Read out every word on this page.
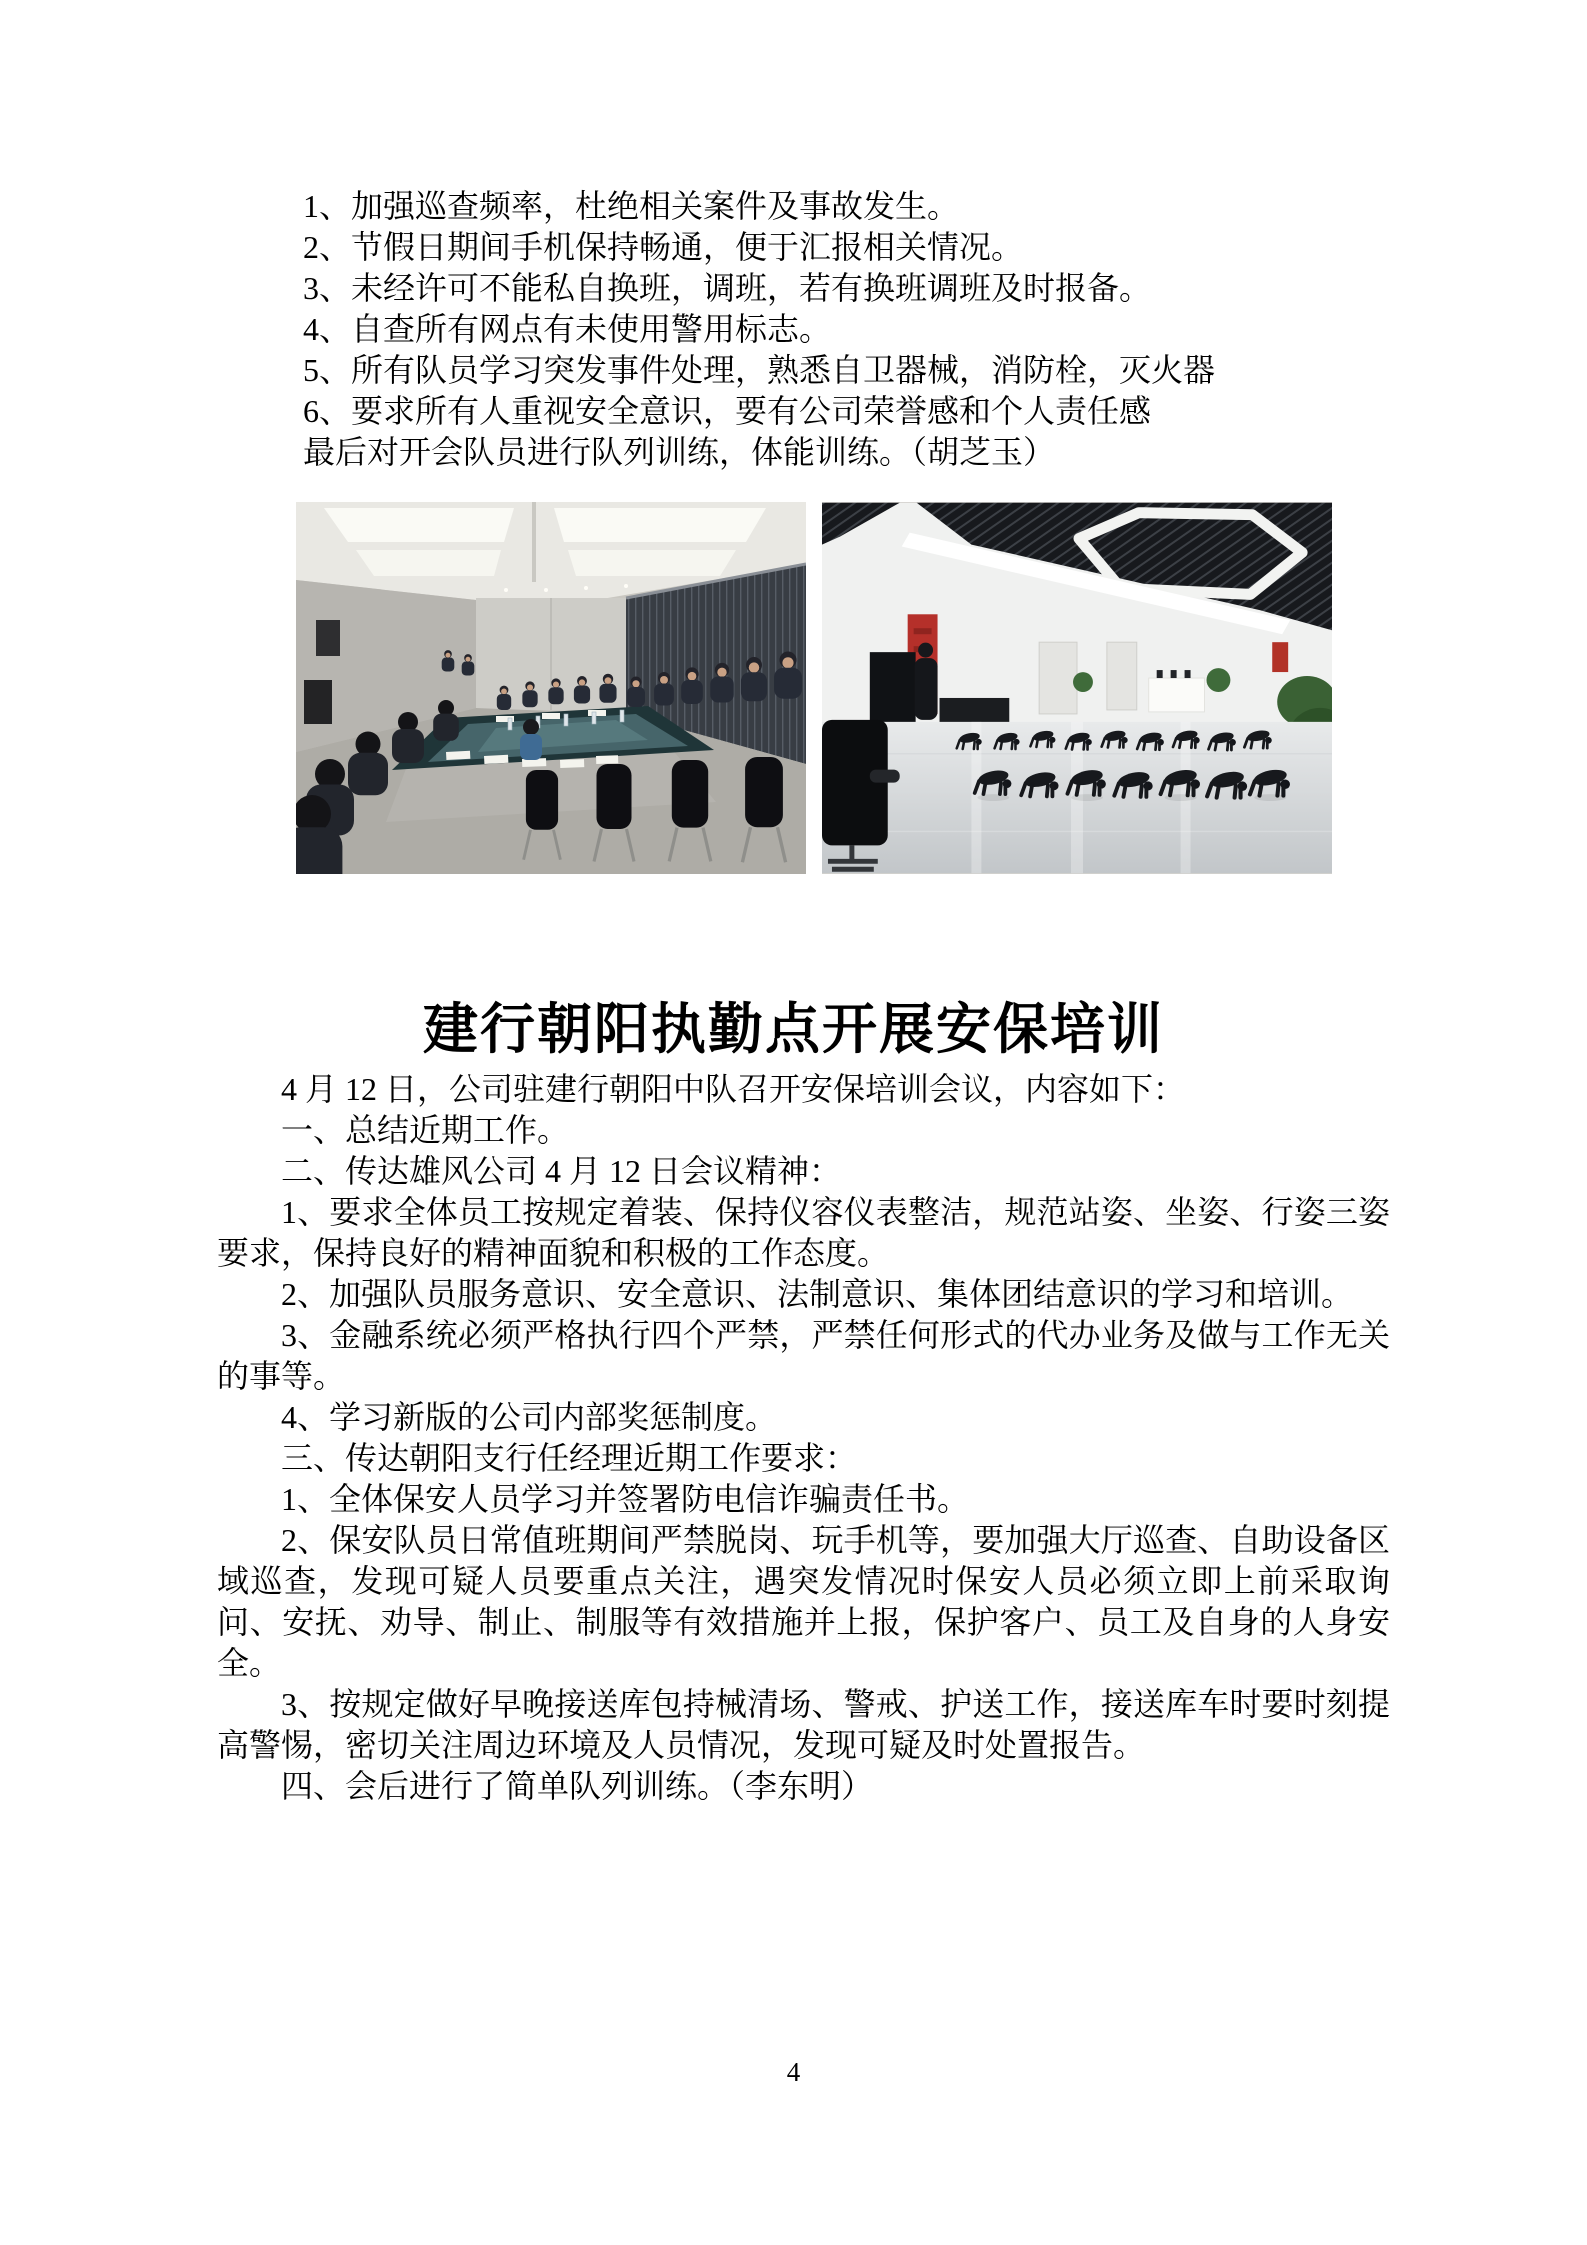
1、加强巡查频率，杜绝相关案件及事故发生。
2、节假日期间手机保持畅通，便于汇报相关情况。
3、未经许可不能私自换班，调班，若有换班调班及时报备。
4、自查所有网点有未使用警用标志。
5、所有队员学习突发事件处理，熟悉自卫器械，消防栓，灭火器
6、要求所有人重视安全意识，要有公司荣誉感和个人责任感
最后对开会队员进行队列训练，体能训练。（胡芝玉）
建行朝阳执勤点开展安保培训

4 月 12 日，公司驻建行朝阳中队召开安保培训会议，内容如下：

一、总结近期工作。

二、传达雄风公司 4 月 12 日会议精神：

1、要求全体员工按规定着装、保持仪容仪表整洁，规范站姿、坐姿、行姿三姿要求，保持良好的精神面貌和积极的工作态度。

2、加强队员服务意识、安全意识、法制意识、集体团结意识的学习和培训。

3、金融系统必须严格执行四个严禁，严禁任何形式的代办业务及做与工作无关的事等。

4、学习新版的公司内部奖惩制度。

三、传达朝阳支行任经理近期工作要求：

1、全体保安人员学习并签署防电信诈骗责任书。

2、保安队员日常值班期间严禁脱岗、玩手机等，要加强大厅巡查、自助设备区域巡查，发现可疑人员要重点关注，遇突发情况时保安人员必须立即上前采取询问、安抚、劝导、制止、制服等有效措施并上报，保护客户、员工及自身的人身安全。

3、按规定做好早晚接送库包持械清场、警戒、护送工作，接送库车时要时刻提高警惕，密切关注周边环境及人员情况，发现可疑及时处置报告。

四、会后进行了简单队列训练。（李东明）

4
